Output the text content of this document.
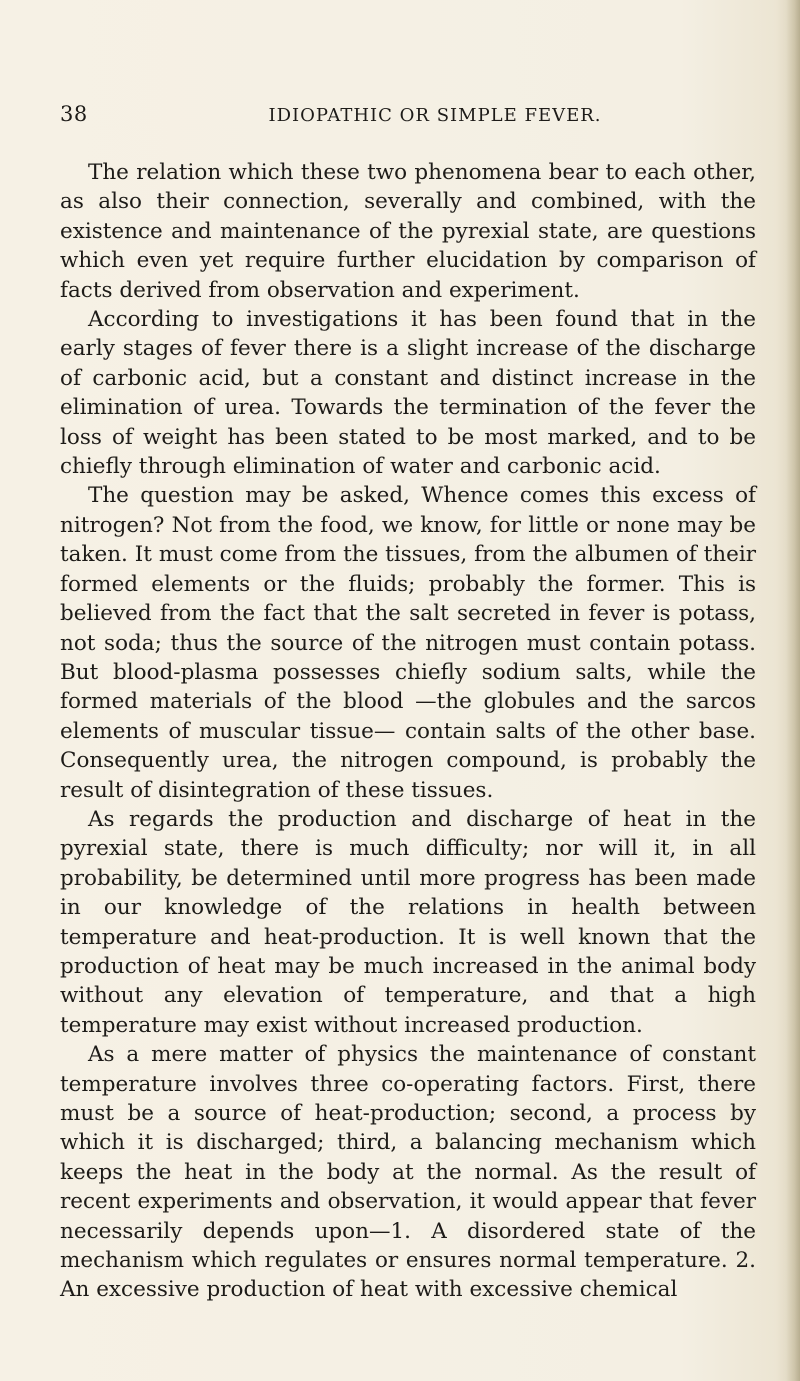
38	IDIOPATHIC OR SIMPLE FEVER.

The relation which these two phenomena bear to each other, as also their connection, severally and combined, with the existence and maintenance of the pyrexial state, are questions which even yet require further elucidation by comparison of facts derived from observation and experiment.

According to investigations it has been found that in the early stages of fever there is a slight increase of the discharge of carbonic acid, but a constant and distinct increase in the elimination of urea. Towards the termination of the fever the loss of weight has been stated to be most marked, and to be chiefly through elimination of water and carbonic acid.

The question may be asked, Whence comes this excess of nitrogen? Not from the food, we know, for little or none may be taken. It must come from the tissues, from the albumen of their formed elements or the fluids; probably the former. This is believed from the fact that the salt secreted in fever is potass, not soda; thus the source of the nitrogen must contain potass. But blood-plasma possesses chiefly sodium salts, while the formed materials of the blood —the globules and the sarcos elements of muscular tissue— contain salts of the other base. Consequently urea, the nitrogen compound, is probably the result of disintegration of these tissues.

As regards the production and discharge of heat in the pyrexial state, there is much difficulty; nor will it, in all probability, be determined until more progress has been made in our knowledge of the relations in health between temperature and heat-production. It is well known that the production of heat may be much increased in the animal body without any elevation of temperature, and that a high temperature may exist without increased production.

As a mere matter of physics the maintenance of constant temperature involves three co-operating factors. First, there must be a source of heat-production; second, a process by which it is discharged; third, a balancing mechanism which keeps the heat in the body at the normal. As the result of recent experiments and observation, it would appear that fever necessarily depends upon—1. A disordered state of the mechanism which regulates or ensures normal temperature. 2. An excessive production of heat with excessive chemical
